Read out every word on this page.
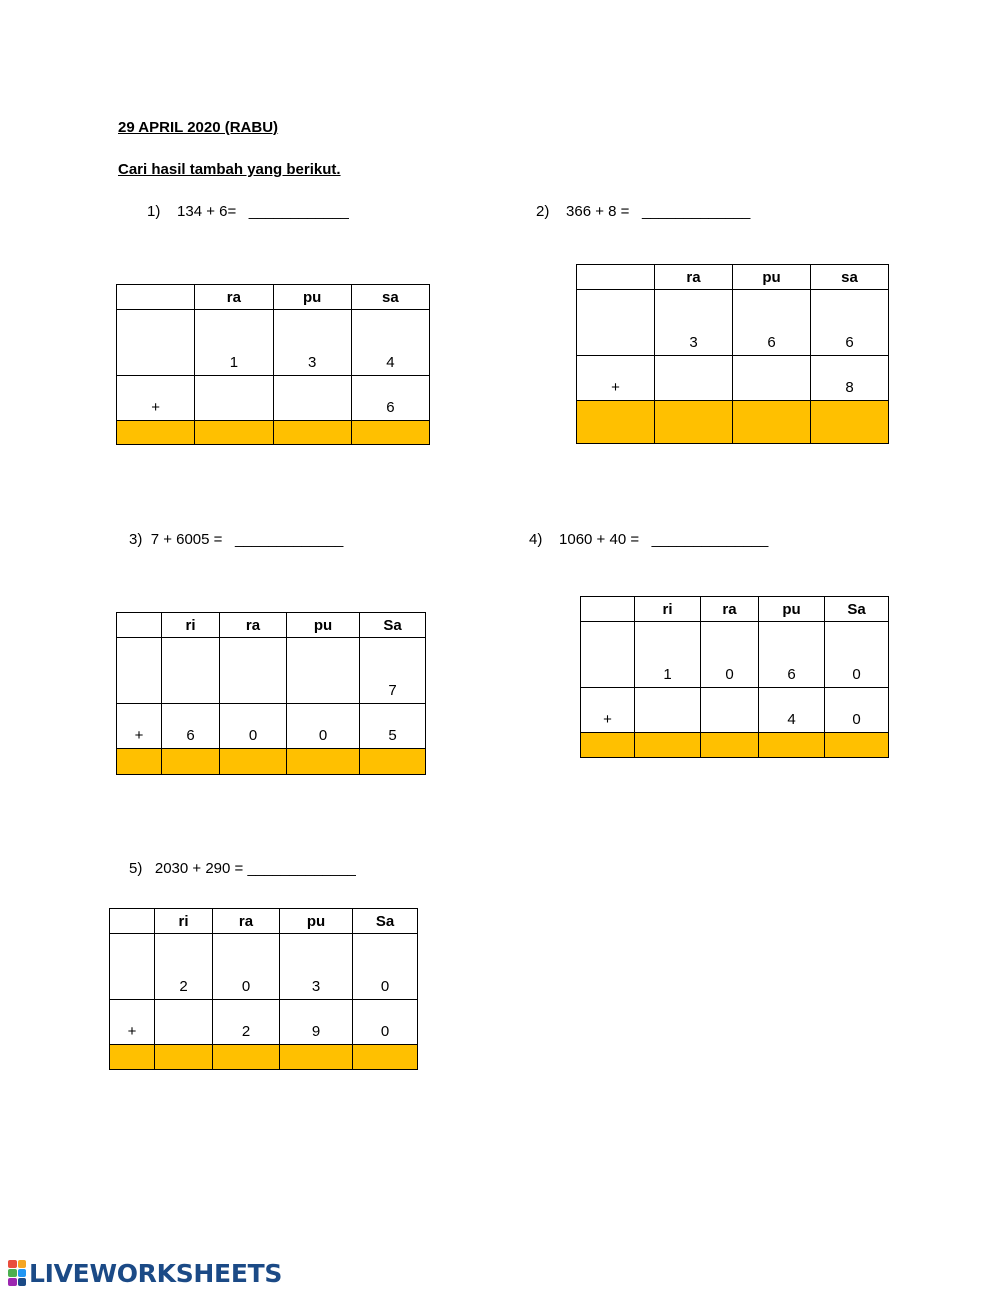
29 APRIL 2020 (RABU)
Cari hasil tambah yang berikut.
1) 134 + 6= ____________
	ra	pu	sa
	1	3	4
+			6

2) 366 + 8 = _____________
	ra	pu	sa
	3	6	6
+			8

3) 7 + 6005 = _____________
	ri	ra	pu	Sa
				7
+	6	0	0	5

4) 1060 + 40 = ______________
	ri	ra	pu	Sa
	1	0	6	0
+			4	0

5) 2030 + 290 = _____________
	ri	ra	pu	Sa
	2	0	3	0
+		2	9	0

LIVEWORKSHEETS
